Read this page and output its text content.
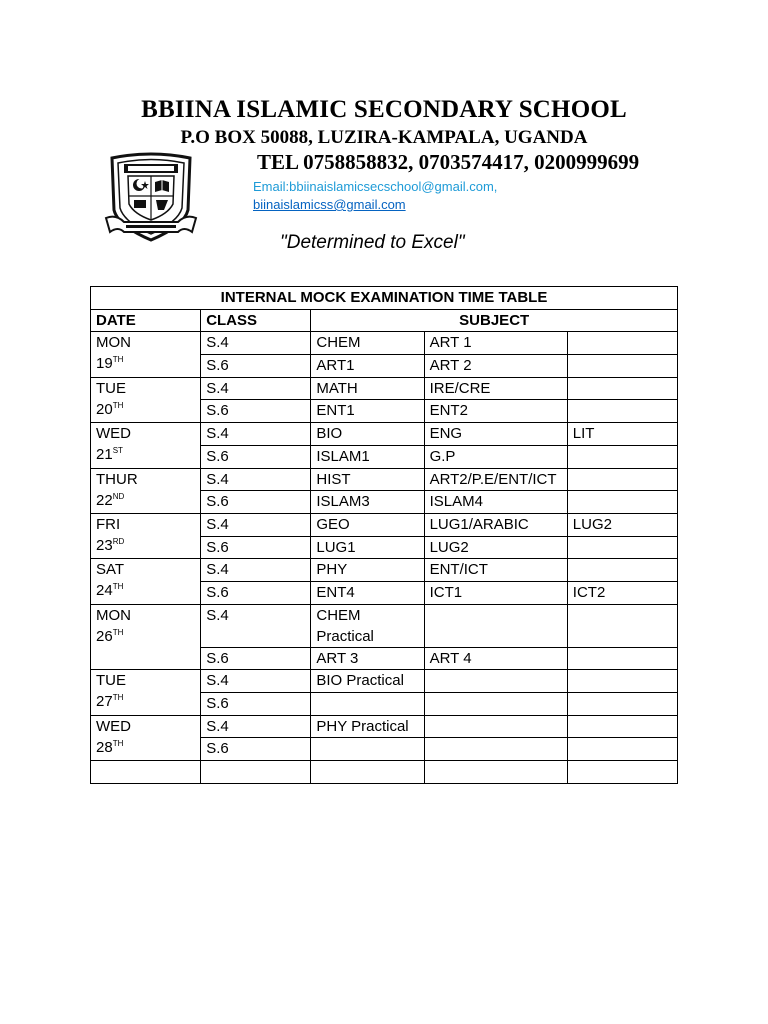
BBIINA ISLAMIC SECONDARY SCHOOL
P.O BOX 50088, LUZIRA-KAMPALA, UGANDA
TEL 0758858832, 0703574417, 0200999699
Email:bbiinaislamicsecschool@gmail.com,
biinaislamicss@gmail.com
"Determined to Excel"
INTERNAL MOCK EXAMINATION TIME TABLE				
DATE	CLASS	SUBJECT		
MON
19TH	S.4	CHEM	ART 1	
	S.6	ART1	ART 2	
TUE
20TH	S.4	MATH	IRE/CRE	
	S.6	ENT1	ENT2	
WED
21ST	S.4	BIO	ENG	LIT
	S.6	ISLAM1	G.P	
THUR
22ND	S.4	HIST	ART2/P.E/ENT/ICT	
	S.6	ISLAM3	ISLAM4	
FRI
23RD	S.4	GEO	LUG1/ARABIC	LUG2
	S.6	LUG1	LUG2	
SAT
24TH	S.4	PHY	ENT/ICT	
	S.6	ENT4	ICT1	ICT2
MON
26TH	S.4	CHEM Practical		
	S.6	ART 3	ART 4	
TUE
27TH	S.4	BIO Practical		
	S.6			
WED
28TH	S.4	PHY Practical		
	S.6			
